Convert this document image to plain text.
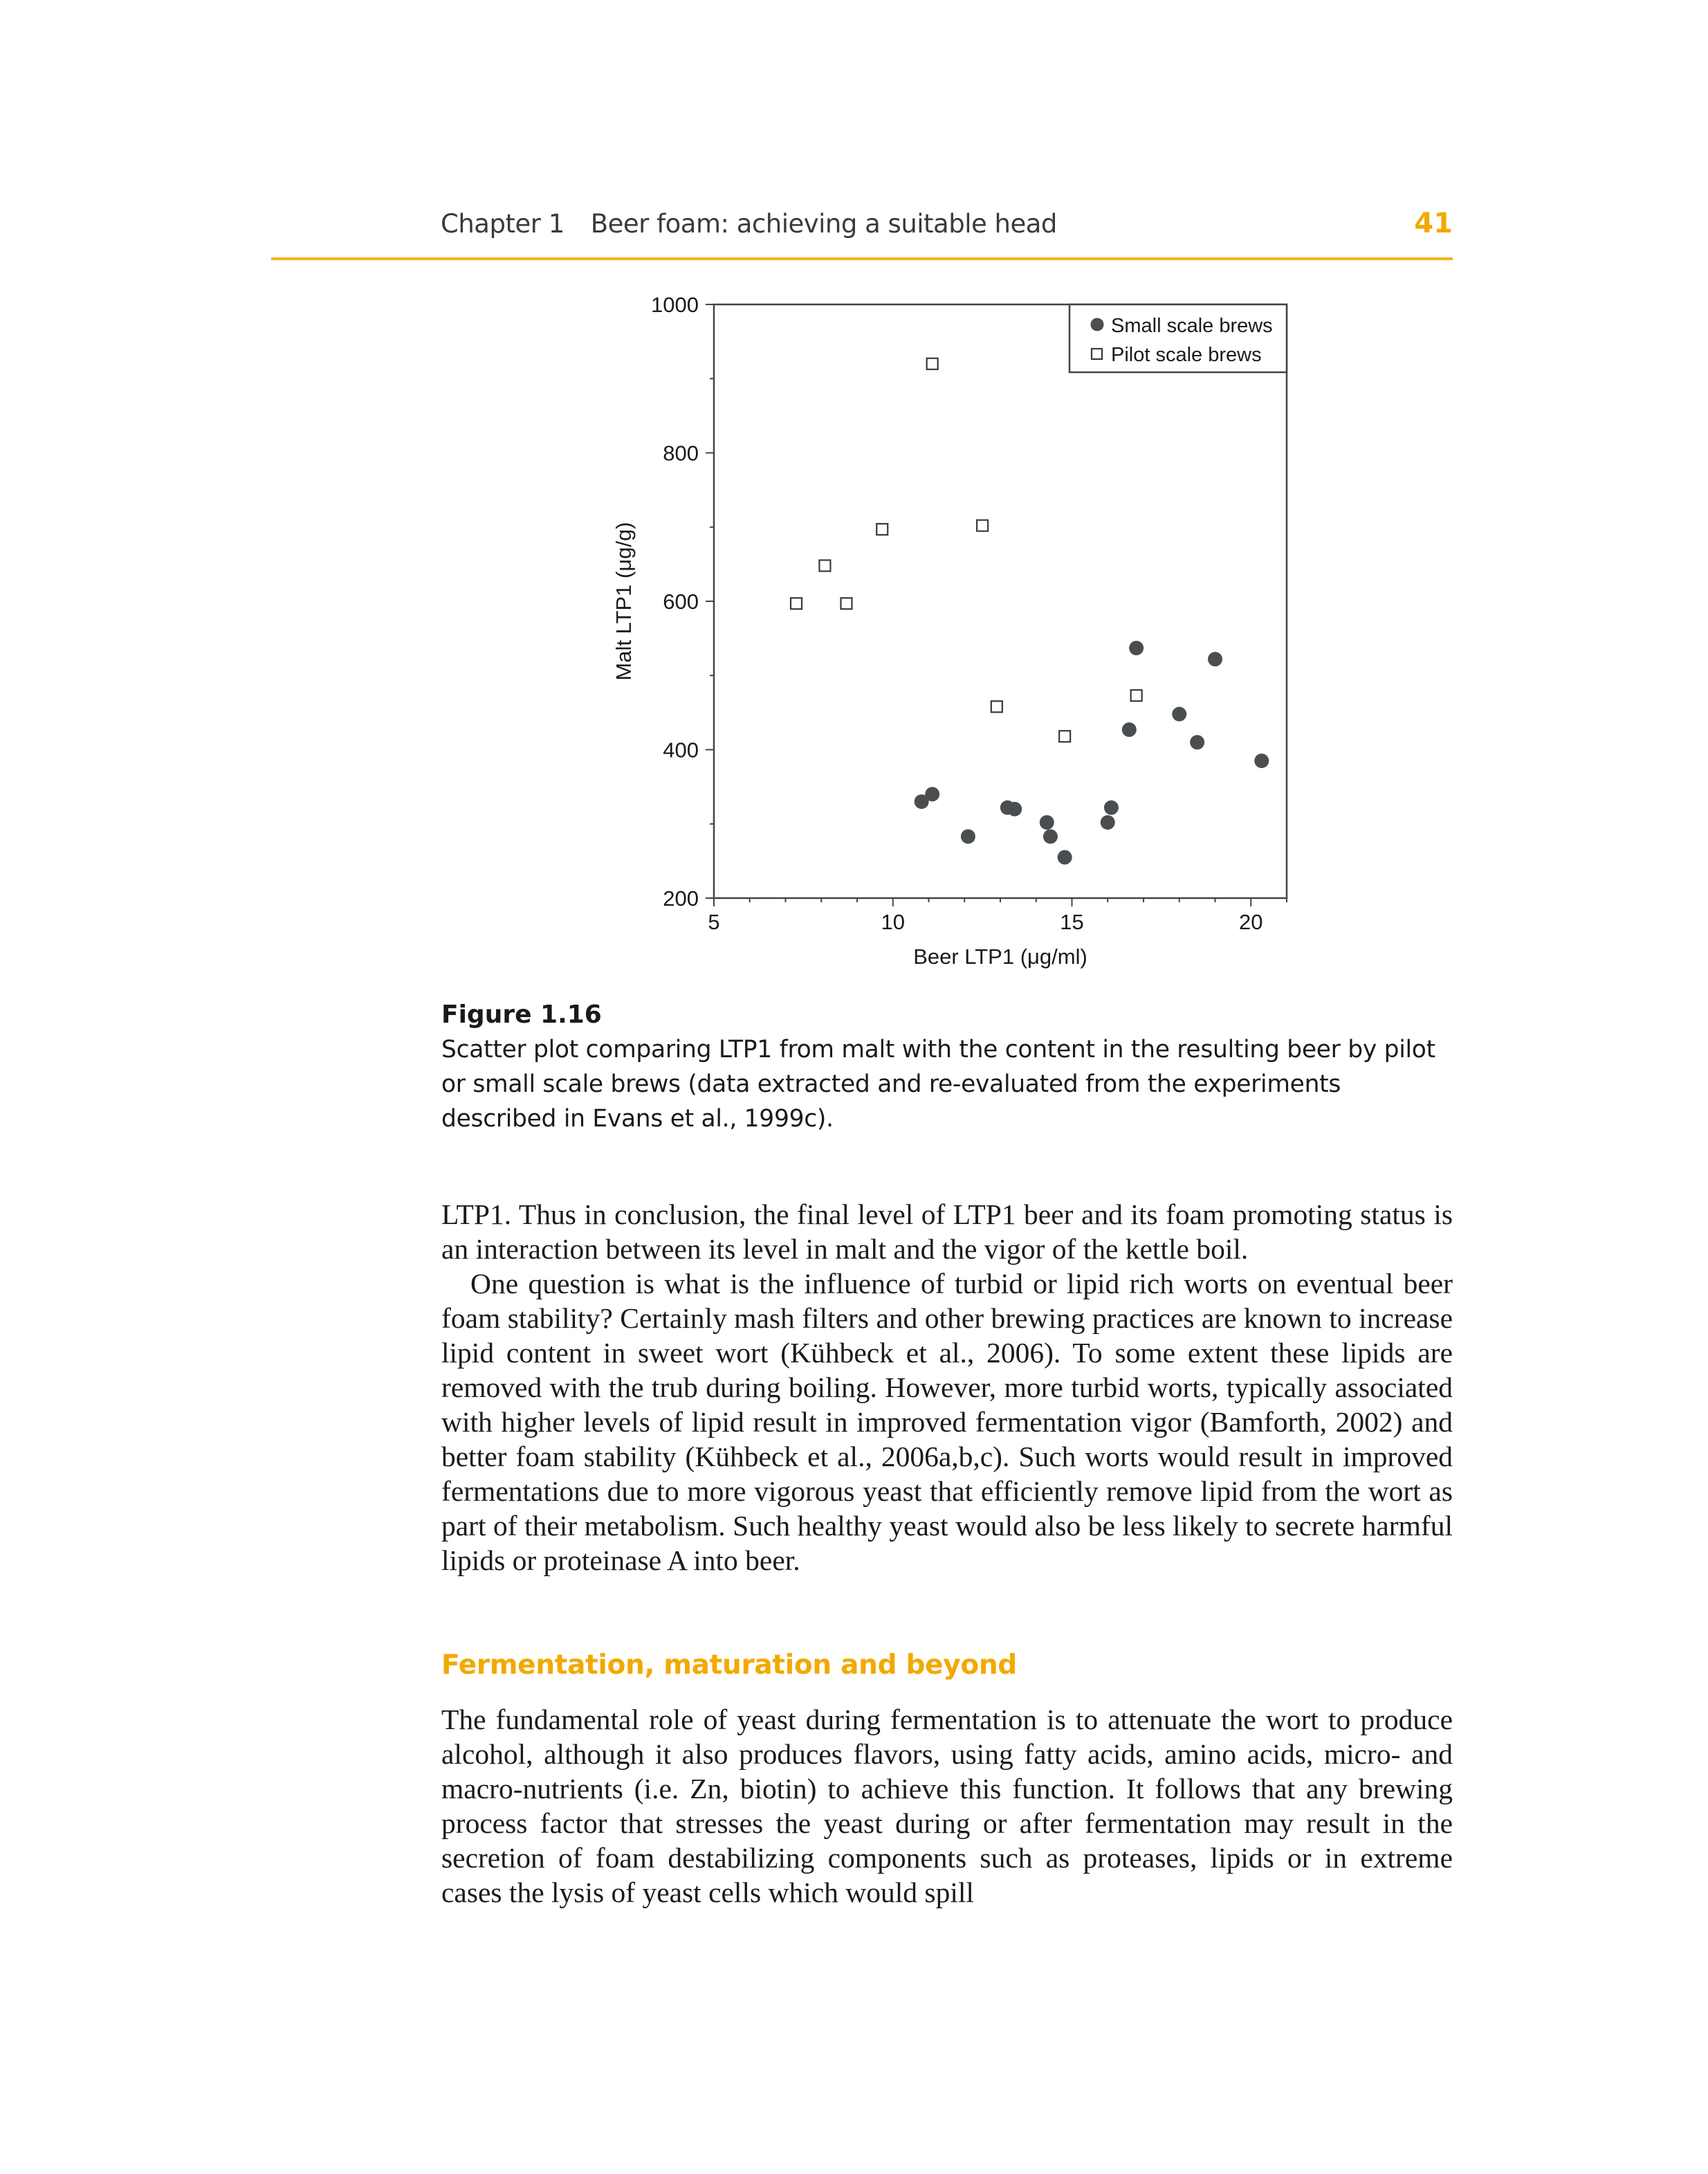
Chapter 1 Beer foam: achieving a suitable head	41
5	10	15	20
200
400
600
800
1000
Beer LTP1 (μg/ml)
Malt LTP1 (μg/g)
Small scale brews
Pilot scale brews
Figure 1.16
Scatter plot comparing LTP1 from malt with the content in the resulting beer by pilot or small scale brews (data extracted and re-evaluated from the experiments described in Evans et al., 1999c).

LTP1. Thus in conclusion, the final level of LTP1 beer and its foam promoting status is an interaction between its level in malt and the vigor of the kettle boil.

One question is what is the influence of turbid or lipid rich worts on eventual beer foam stability? Certainly mash filters and other brewing practices are known to increase lipid content in sweet wort (Kühbeck et al., 2006). To some extent these lipids are removed with the trub during boiling. However, more turbid worts, typically associated with higher levels of lipid result in improved fermentation vigor (Bamforth, 2002) and better foam stability (Kühbeck et al., 2006a,b,c). Such worts would result in improved fermentations due to more vigorous yeast that efficiently remove lipid from the wort as part of their metabolism. Such healthy yeast would also be less likely to secrete harmful lipids or proteinase A into beer.

Fermentation, maturation and beyond

The fundamental role of yeast during fermentation is to attenuate the wort to produce alcohol, although it also produces flavors, using fatty acids, amino acids, micro- and macro-nutrients (i.e. Zn, biotin) to achieve this function. It follows that any brewing process factor that stresses the yeast during or after fermentation may result in the secretion of foam destabilizing components such as proteases, lipids or in extreme cases the lysis of yeast cells which would spill
